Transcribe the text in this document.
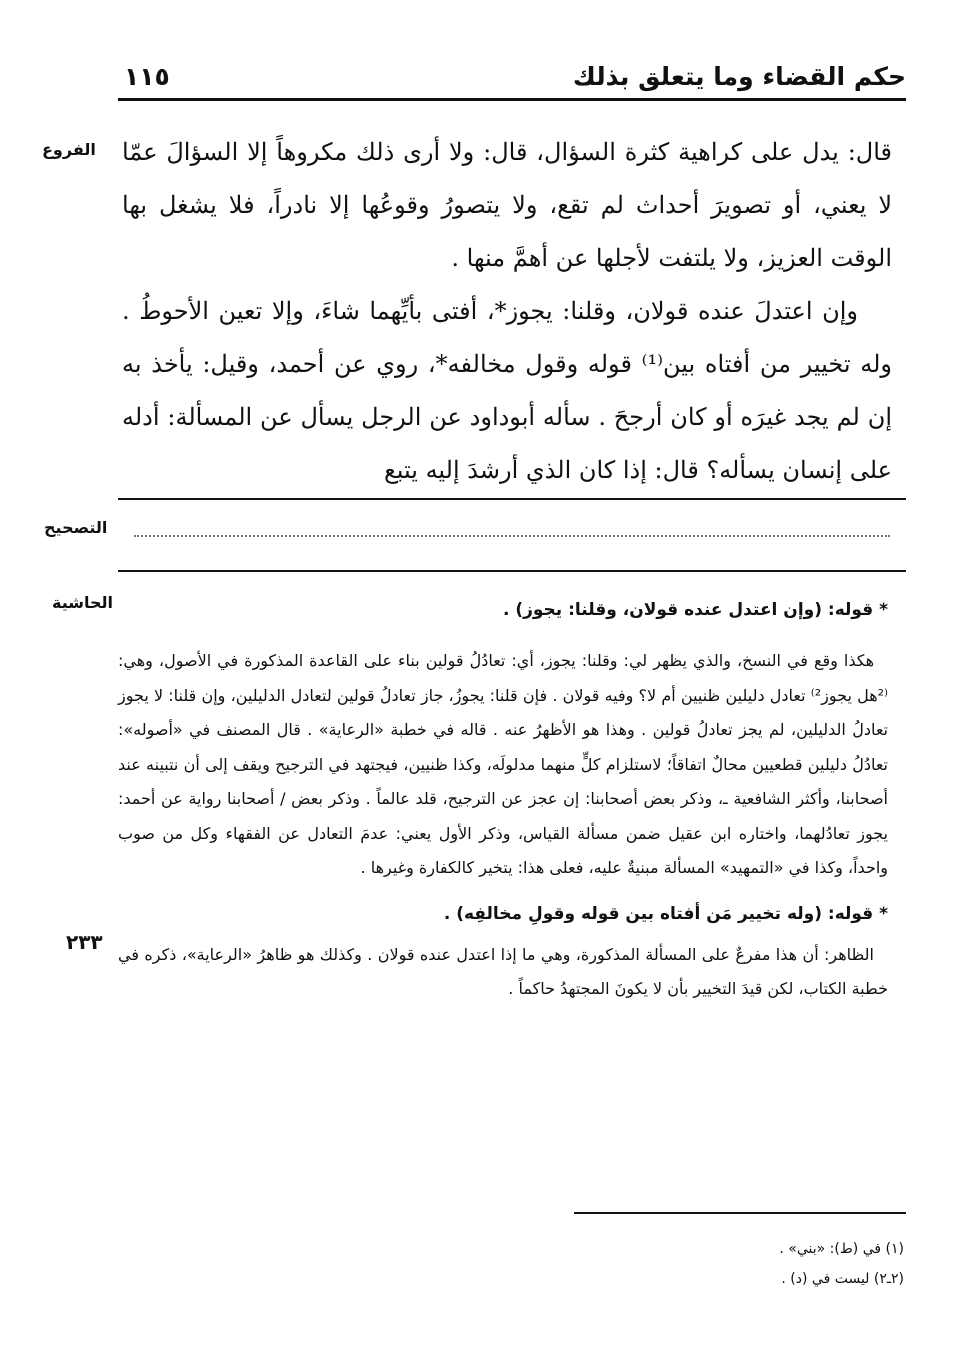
حكم القضاء وما يتعلق بذلك
١١٥
الفروع قال: يدل على كراهية كثرة السؤال، قال: ولا أرى ذلك مكروهاً إلا السؤالَ عمّا لا يعني، أو تصويرَ أحداث لم تقع، ولا يتصورُ وقوعُها إلا نادراً، فلا يشغل بها الوقت العزيز، ولا يلتفت لأجلها عن أهمَّ منها .

وإن اعتدلَ عنده قولان، وقلنا: يجوز*، أفتى بأيِّهما شاءَ، وإلا تعين الأحوطُ . وله تخيير من أفتاه بين⁽¹⁾ قوله وقول مخالفه*، روي عن أحمد، وقيل: يأخذ به إن لم يجد غيرَه أو كان أرجحَ . سأله أبوداود عن الرجل يسأل عن المسألة: أدله على إنسان يسأله؟ قال: إذا كان الذي أرشدَ إليه يتبع

التصحيح
الحاشية
٢٣٣
* قوله: (وإن اعتدل عنده قولان، وقلنا: يجوز) .

هكذا وقع في النسخ، والذي يظهر لي: وقلنا: يجوز، أي: تعادُلُ قولين بناء على القاعدة المذكورة في الأصول، وهي: ⁽²هل يجوز²⁾ تعادل دليلين ظنيين أم لا؟ وفيه قولان . فإن قلنا: يجوزُ، جاز تعادلُ قولين لتعادل الدليلين، وإن قلنا: لا يجوز تعادلُ الدليلين، لم يجز تعادلُ قولين . وهذا هو الأظهرُ عنه . قاله في خطبة «الرعاية» . قال المصنف في «أصوله»: تعادُلُ دليلين قطعيين محالٌ اتفاقاً؛ لاستلزام كلٍّ منهما مدلولَه، وكذا ظنيين، فيجتهد في الترجيح ويقف إلى أن نتبينه عند أصحابنا، وأكثر الشافعية ـ، وذكر بعض أصحابنا: إن عجز عن الترجيح، قلد عالماً . وذكر بعض / أصحابنا رواية عن أحمد: يجوز تعادُلهما، واختاره ابن عقيل ضمن مسألة القياس، وذكر الأول يعني: عدمَ التعادل عن الفقهاء وكل من صوب واحداً، وكذا في «التمهيد» المسألة مبنيةٌ عليه، فعلى هذا: يتخير كالكفارة وغيرها .

* قوله: (وله تخيير مَن أفتاه بين قوله وقولِ مخالفِه) .

الظاهر: أن هذا مفرعٌ على المسألة المذكورة، وهي ما إذا اعتدل عنده قولان . وكذلك هو ظاهرُ «الرعاية»، ذكره في خطبة الكتاب، لكن قيدَ التخيير بأن لا يكونَ المجتهدُ حاكماً .

(١) في (ط): «بني» .
(٢ـ٢) ليست في (د) .
